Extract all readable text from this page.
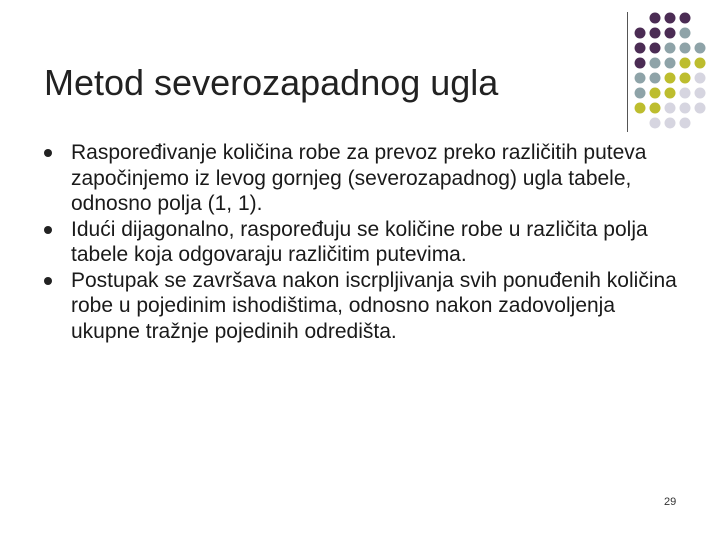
Metod severozapadnog ugla
Raspoređivanje količina robe za prevoz preko različitih puteva započinjemo iz levog gornjeg (severozapadnog) ugla tabele, odnosno polja (1, 1).
Idući dijagonalno, raspoređuju se količine robe u različita polja tabele koja odgovaraju različitim putevima.
Postupak se završava nakon iscrpljivanja svih ponuđenih količina robe u pojedinim ishodištima, odnosno nakon zadovoljenja ukupne tražnje pojedinih odredišta.
29
